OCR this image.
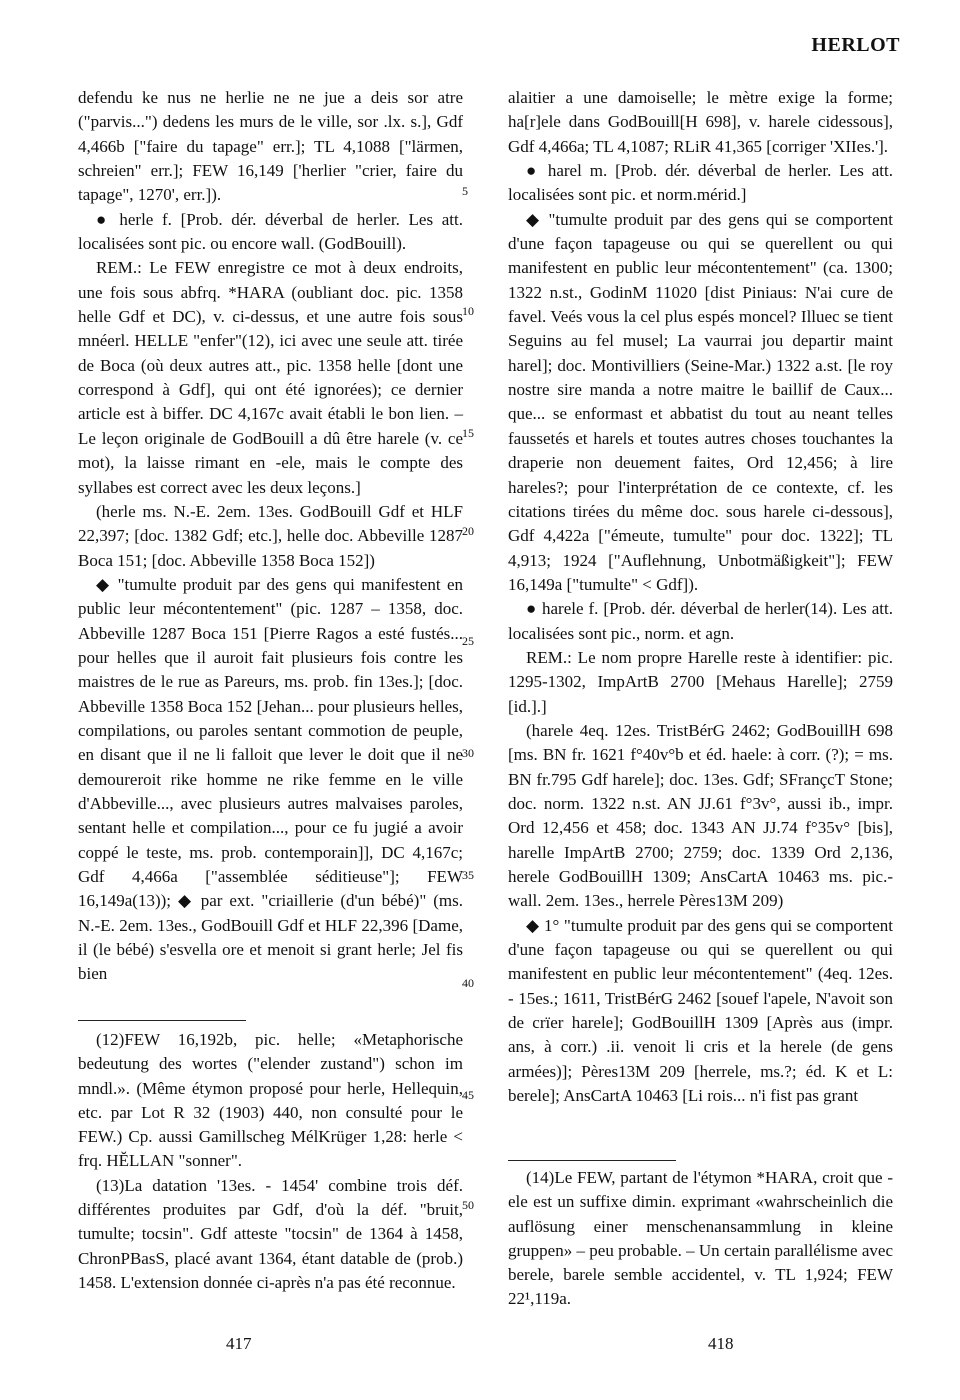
HERLOT

defendu ke nus ne herlie ne ne jue a deis sor atre ("parvis...") dedens les murs de le ville, sor .lx. s.], Gdf 4,466b ["faire du tapage" err.]; TL 4,1088 ["lärmen, schreien" err.]; FEW 16,149 ['herlier "crier, faire du tapage", 1270', err.]).

● herle f. [Prob. dér. déverbal de herler. Les att. localisées sont pic. ou encore wall. (GodBouill).

REM.: Le FEW enregistre ce mot à deux endroits, une fois sous abfrq. *HARA (oubliant doc. pic. 1358 helle Gdf et DC), v. ci-dessus, et une autre fois sous mnéerl. HELLE "enfer"(12), ici avec une seule att. tirée de Boca (où deux autres att., pic. 1358 helle [dont une correspond à Gdf], qui ont été ignorées); ce dernier article est à biffer. DC 4,167c avait établi le bon lien. – Le leçon originale de GodBouill a dû être harele (v. ce mot), la laisse rimant en -ele, mais le compte des syllabes est correct avec les deux leçons.]

(herle ms. N.-E. 2em. 13es. GodBouill Gdf et HLF 22,397; [doc. 1382 Gdf; etc.], helle doc. Abbeville 1287 Boca 151; [doc. Abbeville 1358 Boca 152])

◆ "tumulte produit par des gens qui manifestent en public leur mécontentement" (pic. 1287 – 1358, doc. Abbeville 1287 Boca 151 [Pierre Ragos a esté fustés... pour helles que il auroit fait plusieurs fois contre les maistres de le rue as Pareurs, ms. prob. fin 13es.]; [doc. Abbeville 1358 Boca 152 [Jehan... pour plusieurs helles, compilations, ou paroles sentant commotion de peuple, en disant que il ne li falloit que lever le doit que il ne demoureroit rike homme ne rike femme en le ville d'Abbeville..., avec plusieurs autres malvaises paroles, sentant helle et compilation..., pour ce fu jugié a avoir coppé le teste, ms. prob. contemporain]], DC 4,167c; Gdf 4,466a ["assemblée séditieuse"]; FEW 16,149a(13)); ◆ par ext. "criaillerie (d'un bébé)" (ms. N.-E. 2em. 13es., GodBouill Gdf et HLF 22,396 [Dame, il (le bébé) s'esvella ore et menoit si grant herle; Jel fis bien

(12)FEW 16,192b, pic. helle; «Metaphorische bedeutung des wortes ("elender zustand") schon im mndl.». (Même étymon proposé pour herle, Hellequin, etc. par Lot R 32 (1903) 440, non consulté pour le FEW.) Cp. aussi Gamillscheg MélKrüger 1,28: herle < frq. HĔLLAN "sonner".

(13)La datation '13es. - 1454' combine trois déf. différentes produites par Gdf, d'où la déf. "bruit, tumulte; tocsin". Gdf atteste "tocsin" de 1364 à 1458, ChronPBasS, placé avant 1364, étant datable de (prob.) 1458. L'extension donnée ci-après n'a pas été reconnue.

5
10
15
20
25
30
35
40
45
50

alaitier a une damoiselle; le mètre exige la forme; ha[r]ele dans GodBouill[H 698], v. harele cidessous], Gdf 4,466a; TL 4,1087; RLiR 41,365 [corriger 'XIIes.'].

● harel m. [Prob. dér. déverbal de herler. Les att. localisées sont pic. et norm.mérid.]

◆ "tumulte produit par des gens qui se comportent d'une façon tapageuse ou qui se querellent ou qui manifestent en public leur mécontentement" (ca. 1300; 1322 n.st., GodinM 11020 [dist Piniaus: N'ai cure de favel. Veés vous la cel plus espés moncel? Illuec se tient Seguins au fel musel; La vaurrai jou departir maint harel]; doc. Montivilliers (Seine-Mar.) 1322 a.st. [le roy nostre sire manda a notre maitre le baillif de Caux... que... se enformast et abbatist du tout au neant telles faussetés et harels et toutes autres choses touchantes la draperie non deuement faites, Ord 12,456; à lire hareles?; pour l'interprétation de ce contexte, cf. les citations tirées du même doc. sous harele ci-dessous], Gdf 4,422a ["émeute, tumulte" pour doc. 1322]; TL 4,913; 1924 ["Auflehnung, Unbotmäßigkeit"]; FEW 16,149a ["tumulte" < Gdf]).

● harele f. [Prob. dér. déverbal de herler(14). Les att. localisées sont pic., norm. et agn.

REM.: Le nom propre Harelle reste à identifier: pic. 1295-1302, ImpArtB 2700 [Mehaus Harelle]; 2759 [id.].]

(harele 4eq. 12es. TristBérG 2462; GodBouillH 698 [ms. BN fr. 1621 f°40v°b et éd. haele: à corr. (?); = ms. BN fr.795 Gdf harele]; doc. 13es. Gdf; SFrançcT Stone; doc. norm. 1322 n.st. AN JJ.61 f°3v°, aussi ib., impr. Ord 12,456 et 458; doc. 1343 AN JJ.74 f°35v° [bis], harelle ImpArtB 2700; 2759; doc. 1339 Ord 2,136, herele GodBouillH 1309; AnsCartA 10463 ms. pic.-wall. 2em. 13es., herrele Pères13M 209)

◆ 1° "tumulte produit par des gens qui se comportent d'une façon tapageuse ou qui se querellent ou qui manifestent en public leur mécontentement" (4eq. 12es. - 15es.; 1611, TristBérG 2462 [souef l'apele, N'avoit son de crïer harele]; GodBouillH 1309 [Après aus (impr. ans, à corr.) .ii. venoit li cris et la herele (de gens armées)]; Pères13M 209 [herrele, ms.?; éd. K et L: berele]; AnsCartA 10463 [Li rois... n'i fist pas grant

(14)Le FEW, partant de l'étymon *HARA, croit que -ele est un suffixe dimin. exprimant «wahrscheinlich die auflösung einer menschenansammlung in kleine gruppen» – peu probable. – Un certain parallélisme avec berele, barele semble accidentel, v. TL 1,924; FEW 22¹,119a.

417	418
